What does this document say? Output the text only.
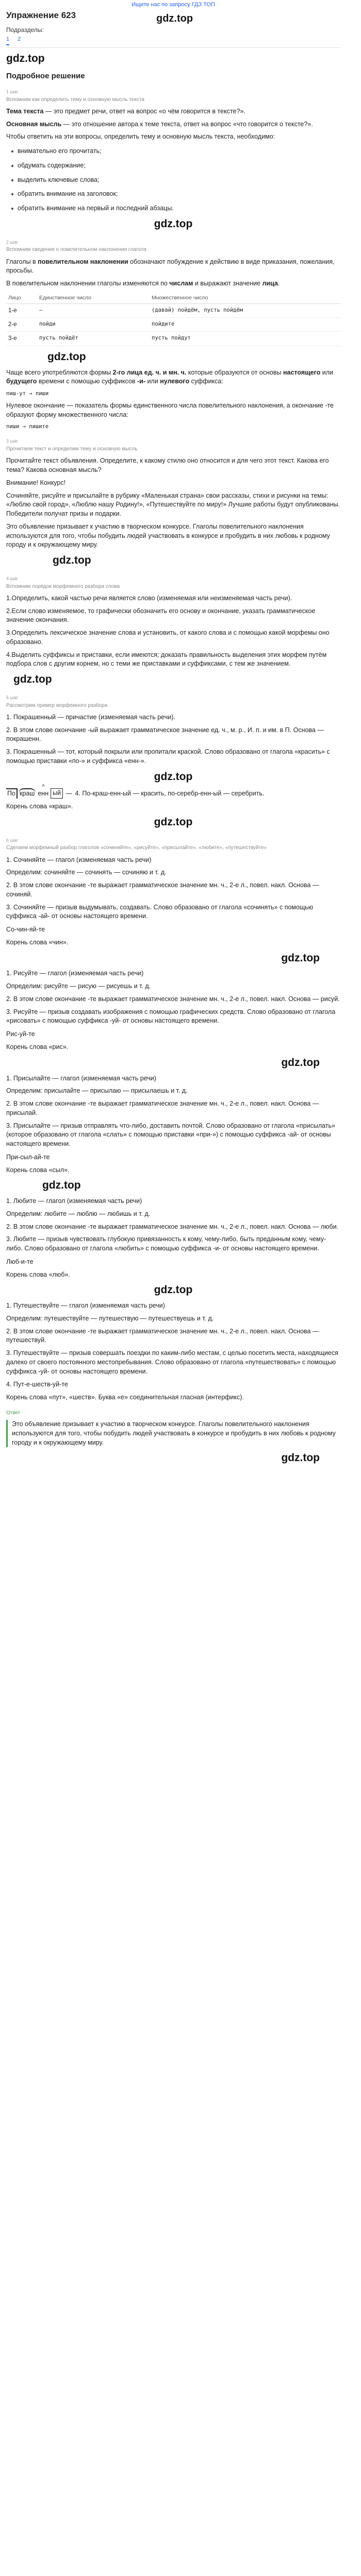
Ищите нас по запросу ГДЗ ТОП
Упражнение 623	gdz.top
Подразделы:
1 2
gdz.top
Подробное решение
1 шаг
Вспомним как определить тему и основную мысль текста

Тема текста — это предмет речи, ответ на вопрос «о чём говорится в тексте?».

Основная мысль — это отношение автора к теме текста, ответ на вопрос «что говорится о тексте?».

Чтобы ответить на эти вопросы, определить тему и основную мысль текста, необходимо:

внимательно его прочитать;
обдумать содержание;
выделить ключевые слова;
обратить внимание на заголовок;
обратить внимание на первый и последний абзацы.
gdz.top
2 шаг
Вспомним сведения о повелительном наклонении глагола

Глаголы в повелительном наклонении обозначают побуждение к действию в виде приказания, пожелания, просьбы.

В повелительном наклонении глаголы изменяются по числам и выражают значение лица.

Лицо	Единственное число	Множественное число
1-е	—	(давай) пойдём, пусть пойдём
2-е	пойди	пойдите
3-е	пусть пойдёт	пусть пойдут
gdz.top

Чаще всего употребляются формы 2-го лица ед. ч. и мн. ч. которые образуются от основы настоящего или будущего времени с помощью суффиксов -и- или нулевого суффикса:

пиш-ут → пиши

Нулевое окончание — показатель формы единственного числа повелительного наклонения, а окончание -те образуют форму множественного числа:

пиши → пишите

3 шаг
Прочитаем текст и определим тему и основную мысль

Прочитайте текст объявления. Определите, к какому стилю оно относится и для чего этот текст. Какова его тема? Какова основная мысль?

Внимание! Конкурс!

Сочиняйте, рисуйте и присылайте в рубрику «Маленькая страна» свои рассказы, стихи и рисунки на темы: «Люблю свой город», «Люблю нашу Родину!», «Путешествуйте по миру!» Лучшие работы будут опубликованы. Победители получат призы и подарки.

Это объявление призывает к участию в творческом конкурсе. Глаголы повелительного наклонения используются для того, чтобы побудить людей участвовать в конкурсе и пробудить в них любовь к родному городу и к окружающему миру.

gdz.top
4 шаг
Вспомним порядок морфемного разбора слова

1.Определить, какой частью речи является слово (изменяемая или неизменяемая часть речи).

2.Если слово изменяемое, то графически обозначить его основу и окончание, указать грамматическое значение окончания.

3.Определить лексическое значение слова и установить, от какого слова и с помощью какой морфемы оно образовано.

4.Выделить суффиксы и приставки, если имеются; доказать правильность выделения этих морфем путём подбора слов с другим корнем, но с теми же приставками и суффиксами, с тем же значением.

gdz.top
5 шаг
Рассмотрим пример морфемного разбора

1. Покрашенный — причастие (изменяемая часть речи).

2. В этом слове окончание -ый выражает грамматическое значение ед. ч., м. р., И. п. и им. в П. Основа — покрашенн.

3. Покрашенный — тот, который покрыли или пропитали краской. Слово образовано от глагола «красить» с помощью приставки «по-» и суффикса «енн-».

gdz.top
По краш ^ енн ый — 4. По-краш-енн-ый — красить, по-серебр-енн-ый — серебрить.

Корень слова «краш».

gdz.top
6 шаг
Сделаем морфемный разбор глаголов «сочиняйте», «рисуйте», «присылайте», «любите», «путешествуйте»

1. Сочиняйте — глагол (изменяемая часть речи)

Определим: сочиняйте — сочинять — сочиняю и т. д.

2. В этом слове окончание -те выражает грамматическое значение мн. ч., 2-е л., повел. накл. Основа — сочиняй.

3. Сочиняйте — призыв выдумывать, создавать. Слово образовано от глагола «сочинять» с помощью суффикса -ай- от основы настоящего времени.

Со-чин-яй-те

Корень слова «чин».

gdz.top

1. Рисуйте — глагол (изменяемая часть речи)

Определим: рисуйте — рисую — рисуешь и т. д.

2. В этом слове окончание -те выражает грамматическое значение мн. ч., 2-е л., повел. накл. Основа — рисуй.

3. Рисуйте — призыв создавать изображения с помощью графических средств. Слово образовано от глагола «рисовать» с помощью суффикса -уй- от основы настоящего времени.

Рис-уй-те

Корень слова «рис».

gdz.top

1. Присылайте — глагол (изменяемая часть речи)

Определим: присылайте — присылаю — присылаешь и т. д.

2. В этом слове окончание -те выражает грамматическое значение мн. ч., 2-е л., повел. накл. Основа — присылай.

3. Присылайте — призыв отправлять что-либо, доставить почтой. Слово образовано от глагола «присылать» (которое образовано от глагола «слать» с помощью приставки «при-») с помощью суффикса -ай- от основы настоящего времени.

При-сыл-ай-те

Корень слова «сыл».

gdz.top

1. Любите — глагол (изменяемая часть речи)

Определим: любите — люблю — любишь и т. д.

2. В этом слове окончание -те выражает грамматическое значение мн. ч., 2-е л., повел. накл. Основа — люби.

3. Любите — призыв чувствовать глубокую привязанность к кому, чему-либо, быть преданным кому, чему-либо. Слово образовано от глагола «любить» с помощью суффикса -и- от основы настоящего времени.

Люб-и-те

Корень слова «люб».

gdz.top

1. Путешествуйте — глагол (изменяемая часть речи)

Определим: путешествуйте — путешествую — путешествуешь и т. д.

2. В этом слове окончание -те выражает грамматическое значение мн. ч., 2-е л., повел. накл. Основа — путешествуй.

3. Путешествуйте — призыв совершать поездки по каким-либо местам, с целью посетить места, находящиеся далеко от своего постоянного местопребывания. Слово образовано от глагола «путешествовать» с помощью суффикса -уй- от основы настоящего времени.

4. Пут-е-шеств-уй-те

Корень слова «пут», «шеств». Буква «е» соединительная гласная (интерфикс).

Ответ
Это объявление призывает к участию в творческом конкурсе. Глаголы повелительного наклонения используются для того, чтобы побудить людей участвовать в конкурсе и пробудить в них любовь к родному городу и к окружающему миру.
gdz.top
